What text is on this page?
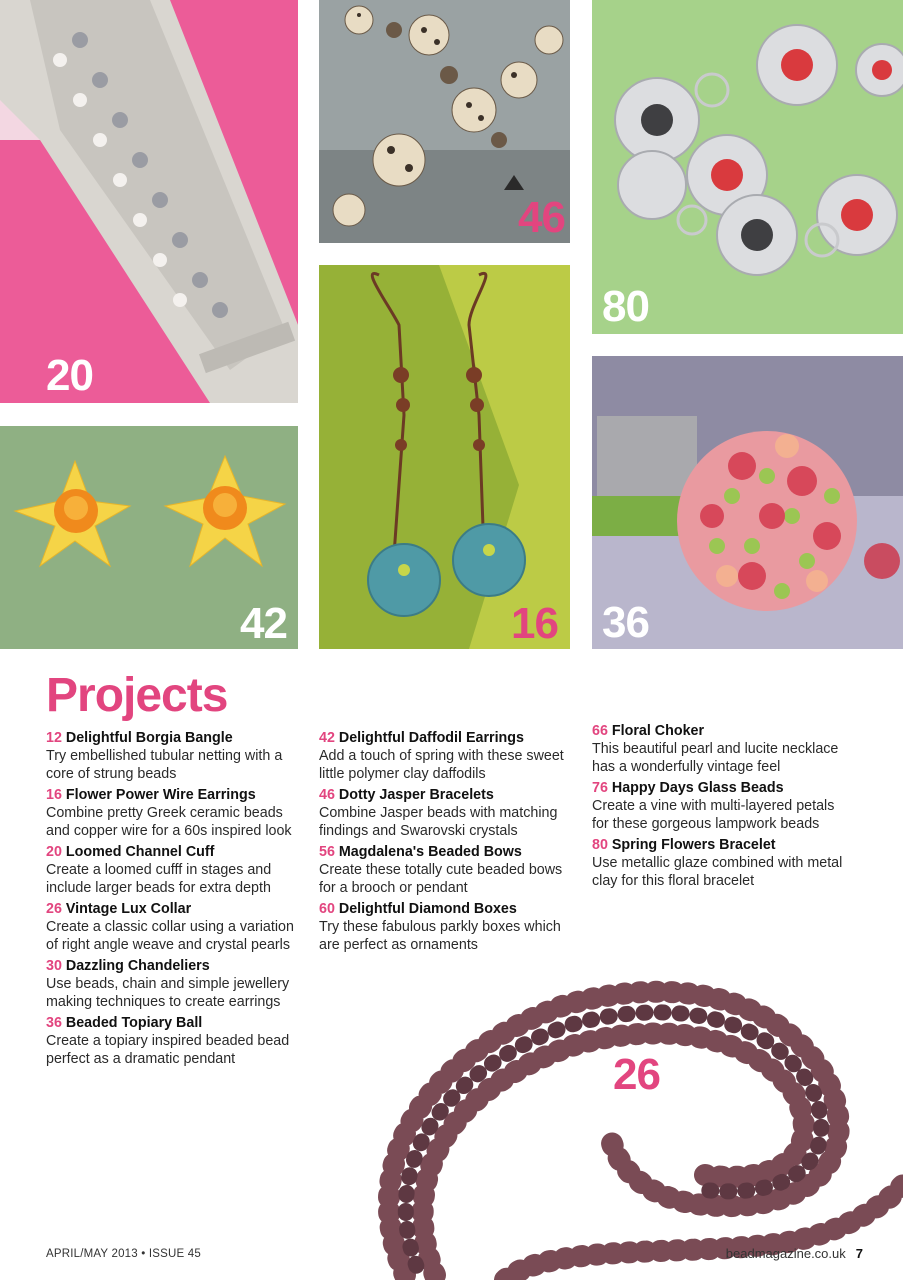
20
46
80
42	16 36
26
Projects
12 Delightful Borgia Bangle
Try embellished tubular netting with a core of strung beads
16 Flower Power Wire Earrings
Combine pretty Greek ceramic beads and copper wire for a 60s inspired look
20 Loomed Channel Cuff
Create a loomed cufff in stages and include larger beads for extra depth
26 Vintage Lux Collar
Create a classic collar using a variation of right angle weave and crystal pearls
30 Dazzling Chandeliers
Use beads, chain and simple jewellery making techniques to create earrings
36 Beaded Topiary Ball
Create a topiary inspired beaded bead perfect as a dramatic pendant
42 Delightful Daffodil Earrings
Add a touch of spring with these sweet little polymer clay daffodils
46 Dotty Jasper Bracelets
Combine Jasper beads with matching findings and Swarovski crystals
56 Magdalena's Beaded Bows
Create these totally cute beaded bows for a brooch or pendant
60 Delightful Diamond Boxes
Try these fabulous parkly boxes which are perfect as ornaments
66 Floral Choker
This beautiful pearl and lucite necklace has a wonderfully vintage feel
76 Happy Days Glass Beads
Create a vine with multi-layered petals for these gorgeous lampwork beads
80 Spring Flowers Bracelet
Use metallic glaze combined with metal clay for this floral bracelet
APRIL/MAY 2013 • ISSUE 45	beadmagazine.co.uk 7
